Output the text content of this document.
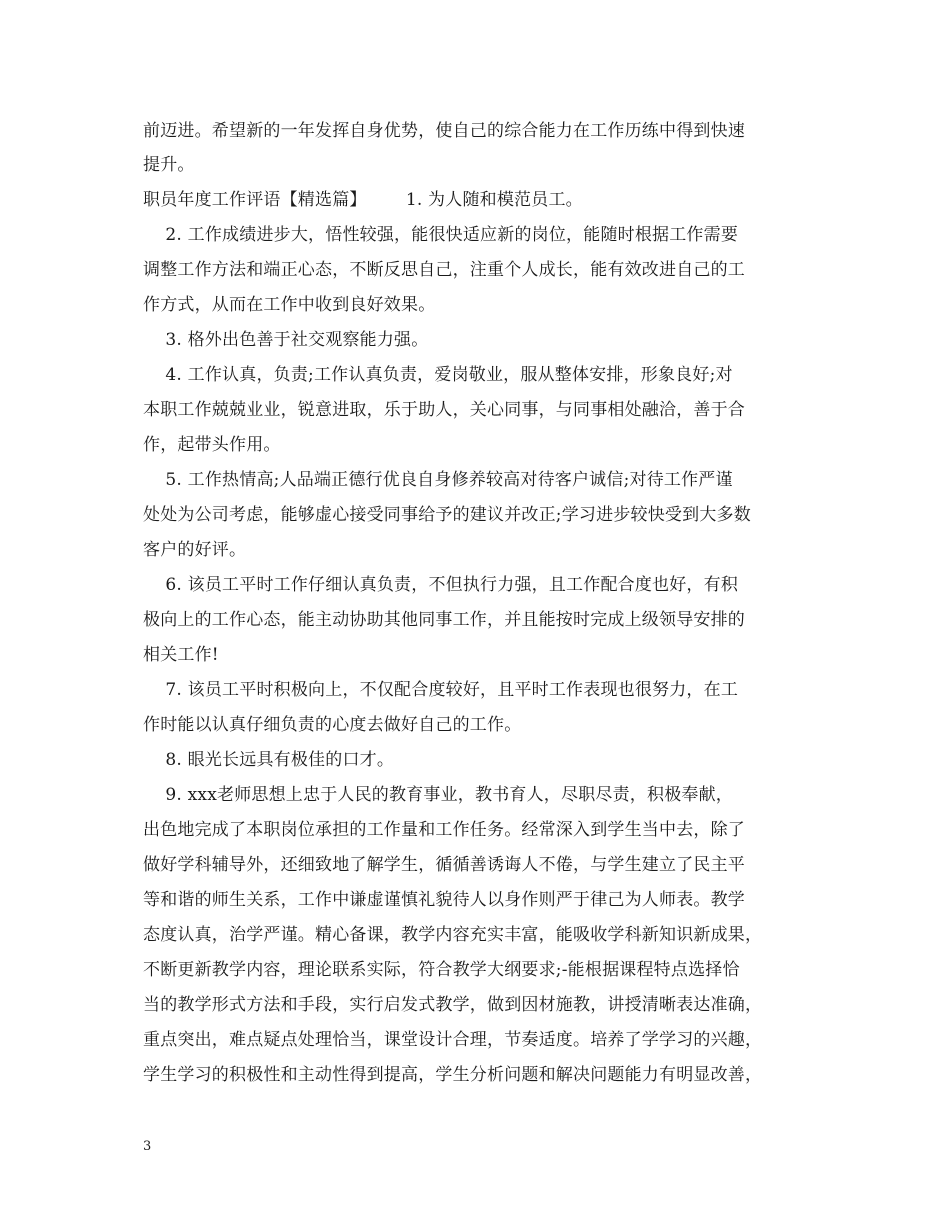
前迈进。希望新的一年发挥自身优势，使自己的综合能力在工作历练中得到快速
提升。
职员年度工作评语【精选篇】       1. 为人随和模范员工。
2. 工作成绩进步大，悟性较强，能很快适应新的岗位，能随时根据工作需要
调整工作方法和端正心态，不断反思自己，注重个人成长，能有效改进自己的工
作方式，从而在工作中收到良好效果。
3. 格外出色善于社交观察能力强。
4. 工作认真，负责;工作认真负责，爱岗敬业，服从整体安排，形象良好;对
本职工作兢兢业业，锐意进取，乐于助人，关心同事，与同事相处融洽，善于合
作，起带头作用。
5. 工作热情高;人品端正德行优良自身修养较高对待客户诚信;对待工作严谨
处处为公司考虑，能够虚心接受同事给予的建议并改正;学习进步较快受到大多数
客户的好评。
6. 该员工平时工作仔细认真负责，不但执行力强，且工作配合度也好，有积
极向上的工作心态，能主动协助其他同事工作，并且能按时完成上级领导安排的
相关工作!
7. 该员工平时积极向上，不仅配合度较好，且平时工作表现也很努力，在工
作时能以认真仔细负责的心度去做好自己的工作。
8. 眼光长远具有极佳的口才。
9. xxx老师思想上忠于人民的教育事业，教书育人，尽职尽责，积极奉献，
出色地完成了本职岗位承担的工作量和工作任务。经常深入到学生当中去，除了
做好学科辅导外，还细致地了解学生，循循善诱诲人不倦，与学生建立了民主平
等和谐的师生关系，工作中谦虚谨慎礼貌待人以身作则严于律己为人师表。教学
态度认真，治学严谨。精心备课，教学内容充实丰富，能吸收学科新知识新成果，
不断更新教学内容，理论联系实际，符合教学大纲要求;-能根据课程特点选择恰
当的教学形式方法和手段，实行启发式教学，做到因材施教，讲授清晰表达准确，
重点突出，难点疑点处理恰当，课堂设计合理，节奏适度。培养了学学习的兴趣，
学生学习的积极性和主动性得到提高，学生分析问题和解决问题能力有明显改善，
3
